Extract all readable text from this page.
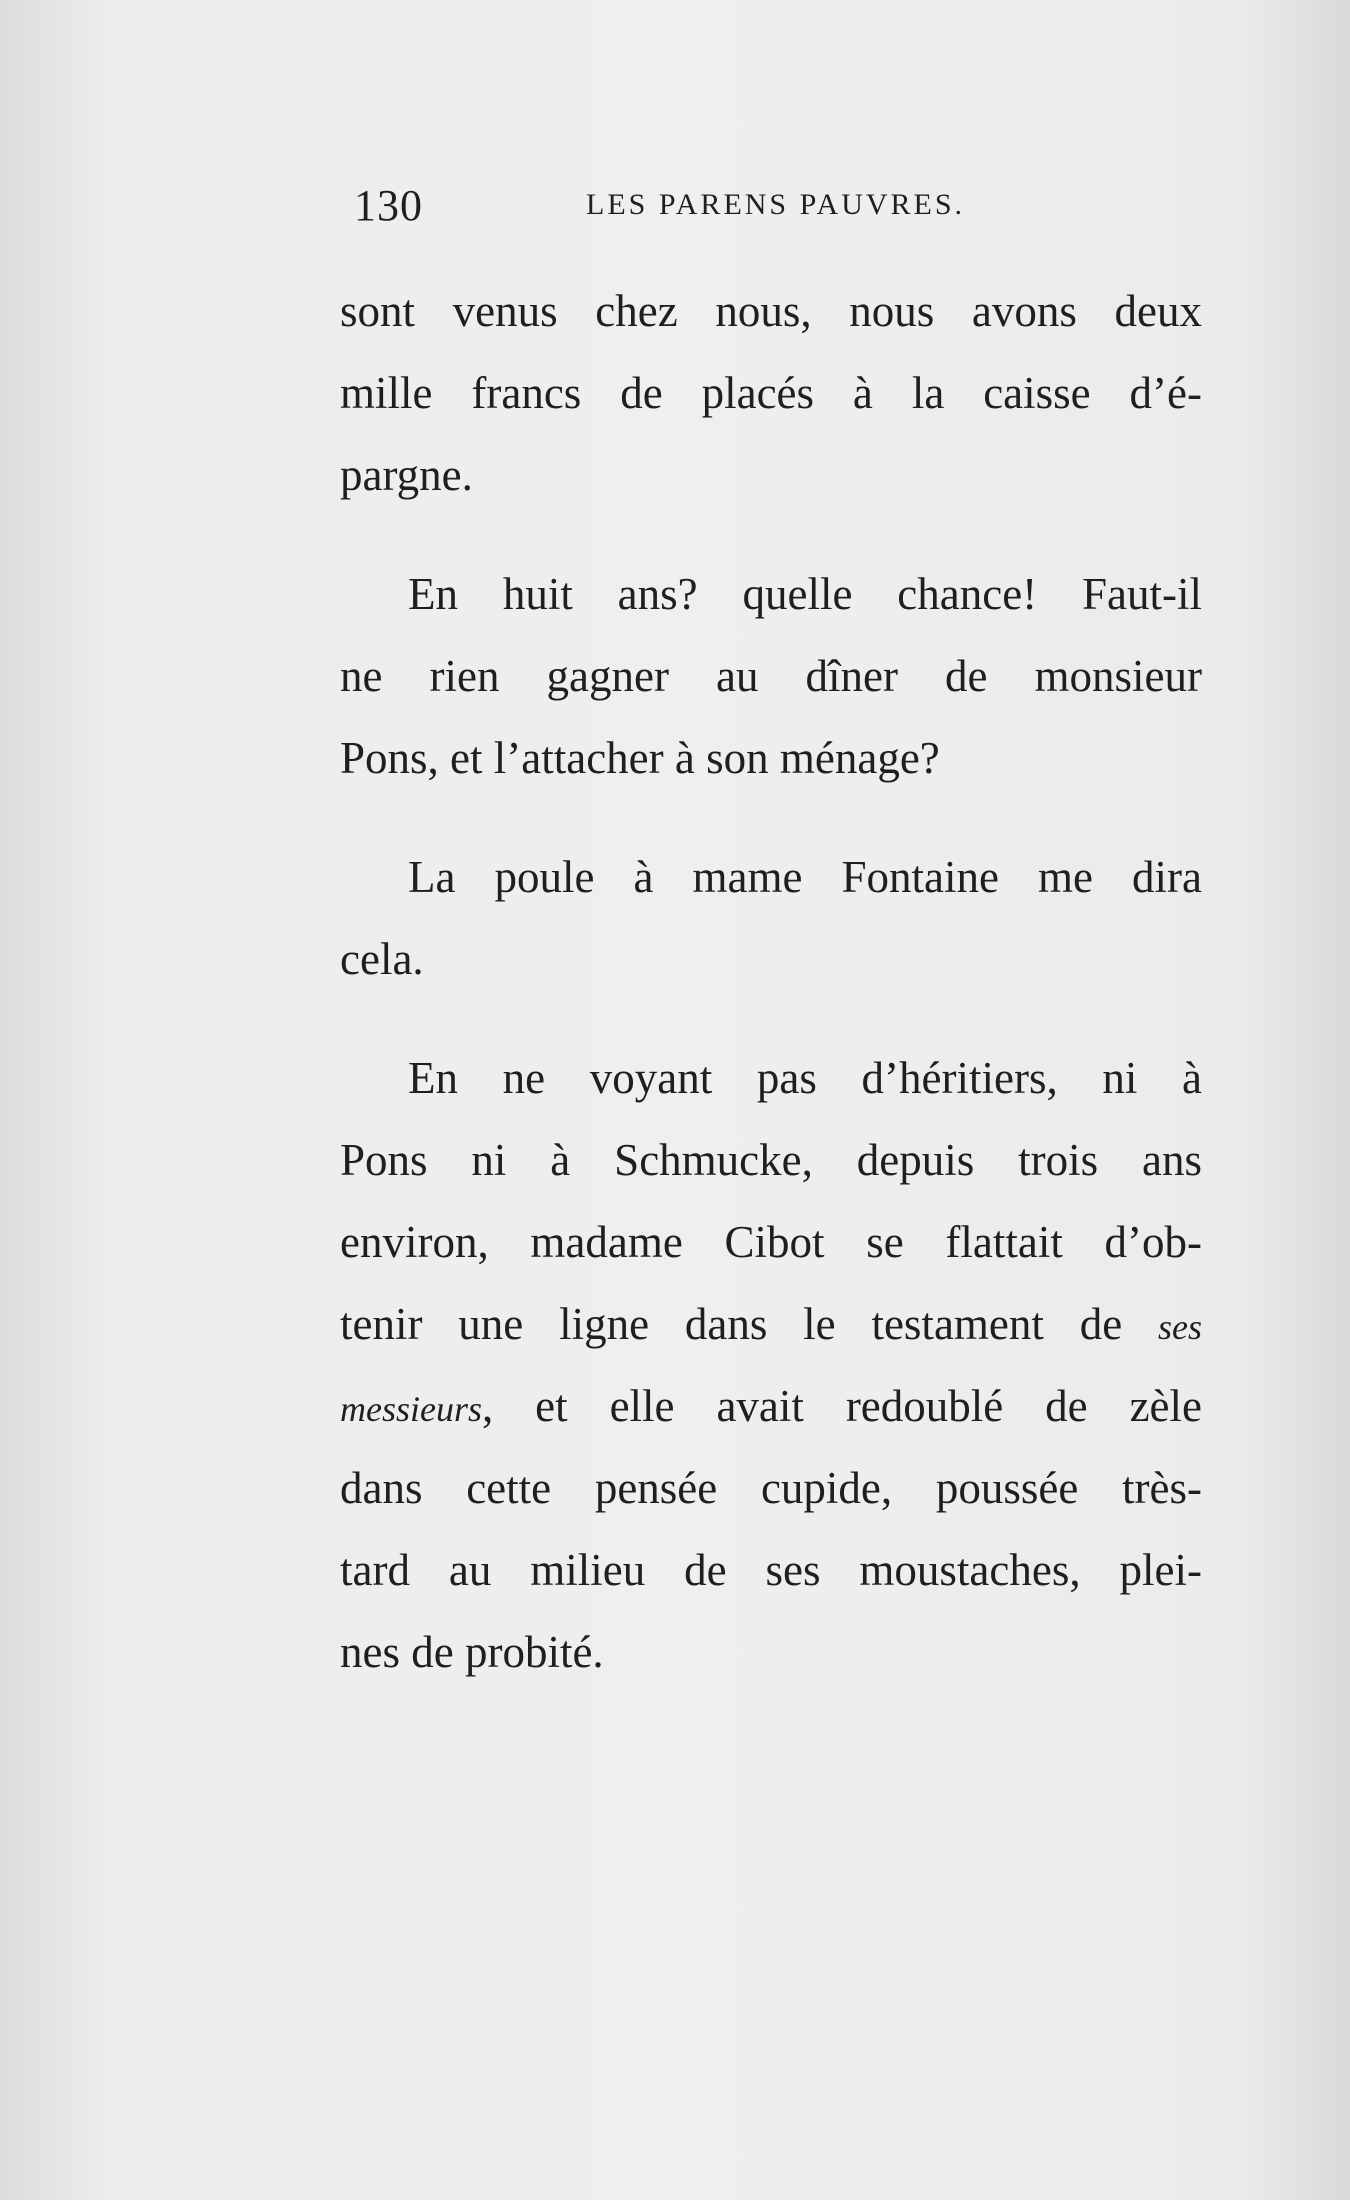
130	LES PARENS PAUVRES.
sont venus chez nous, nous avons deux
mille francs de placés à la caisse d’é-
pargne.
En huit ans? quelle chance! Faut-il
ne rien gagner au dîner de monsieur
Pons, et l’attacher à son ménage?
La poule à mame Fontaine me dira
cela.
En ne voyant pas d’héritiers, ni à
Pons ni à Schmucke, depuis trois ans
environ, madame Cibot se flattait d’ob-
tenir une ligne dans le testament de ses
messieurs, et elle avait redoublé de zèle
dans cette pensée cupide, poussée très-
tard au milieu de ses moustaches, plei-
nes de probité.
